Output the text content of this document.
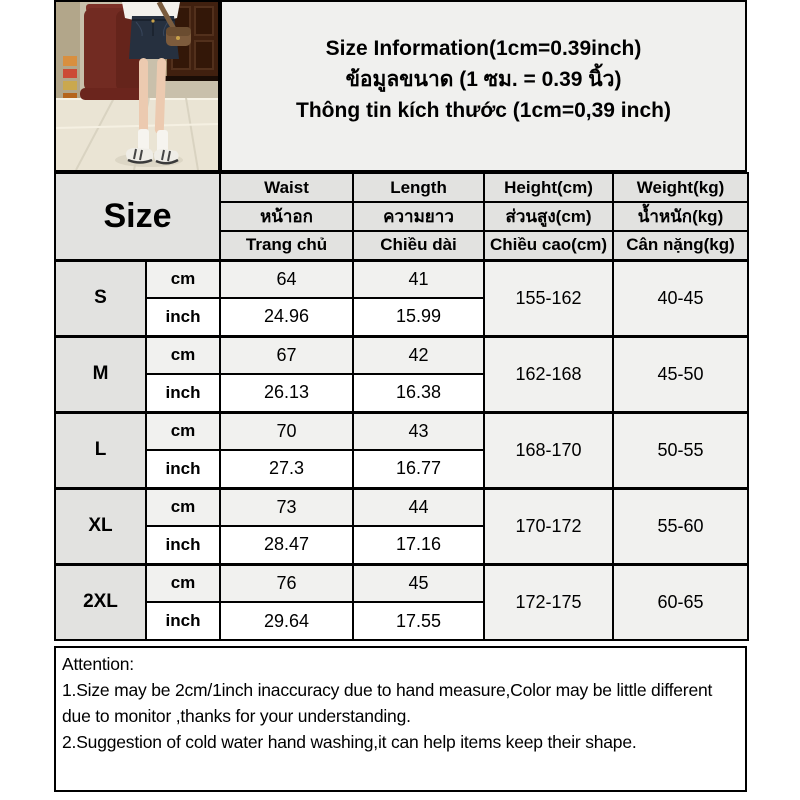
Size Information(1cm=0.39inch)
ข้อมูลขนาด (1 ซม. = 0.39 นิ้ว)
Thông tin kích thước (1cm=0,39 inch)
Size		Waist	Length	Height(cm)	Weight(kg)
		หน้าอก	ความยาว	ส่วนสูง(cm)	น้ำหนัก(kg)
		Trang chủ	Chiều dài	Chiều cao(cm)	Cân nặng(kg)
S	cm	64	41	155-162	40-45
	inch	24.96	15.99		
M	cm	67	42	162-168	45-50
	inch	26.13	16.38		
L	cm	70	43	168-170	50-55
	inch	27.3	16.77		
XL	cm	73	44	170-172	55-60
	inch	28.47	17.16		
2XL	cm	76	45	172-175	60-65
	inch	29.64	17.55		
Attention:
1.Size may be 2cm/1inch inaccuracy due to hand measure,Color may be little different due to monitor ,thanks for your understanding.
2.Suggestion of cold water hand washing,it can help items keep their shape.
